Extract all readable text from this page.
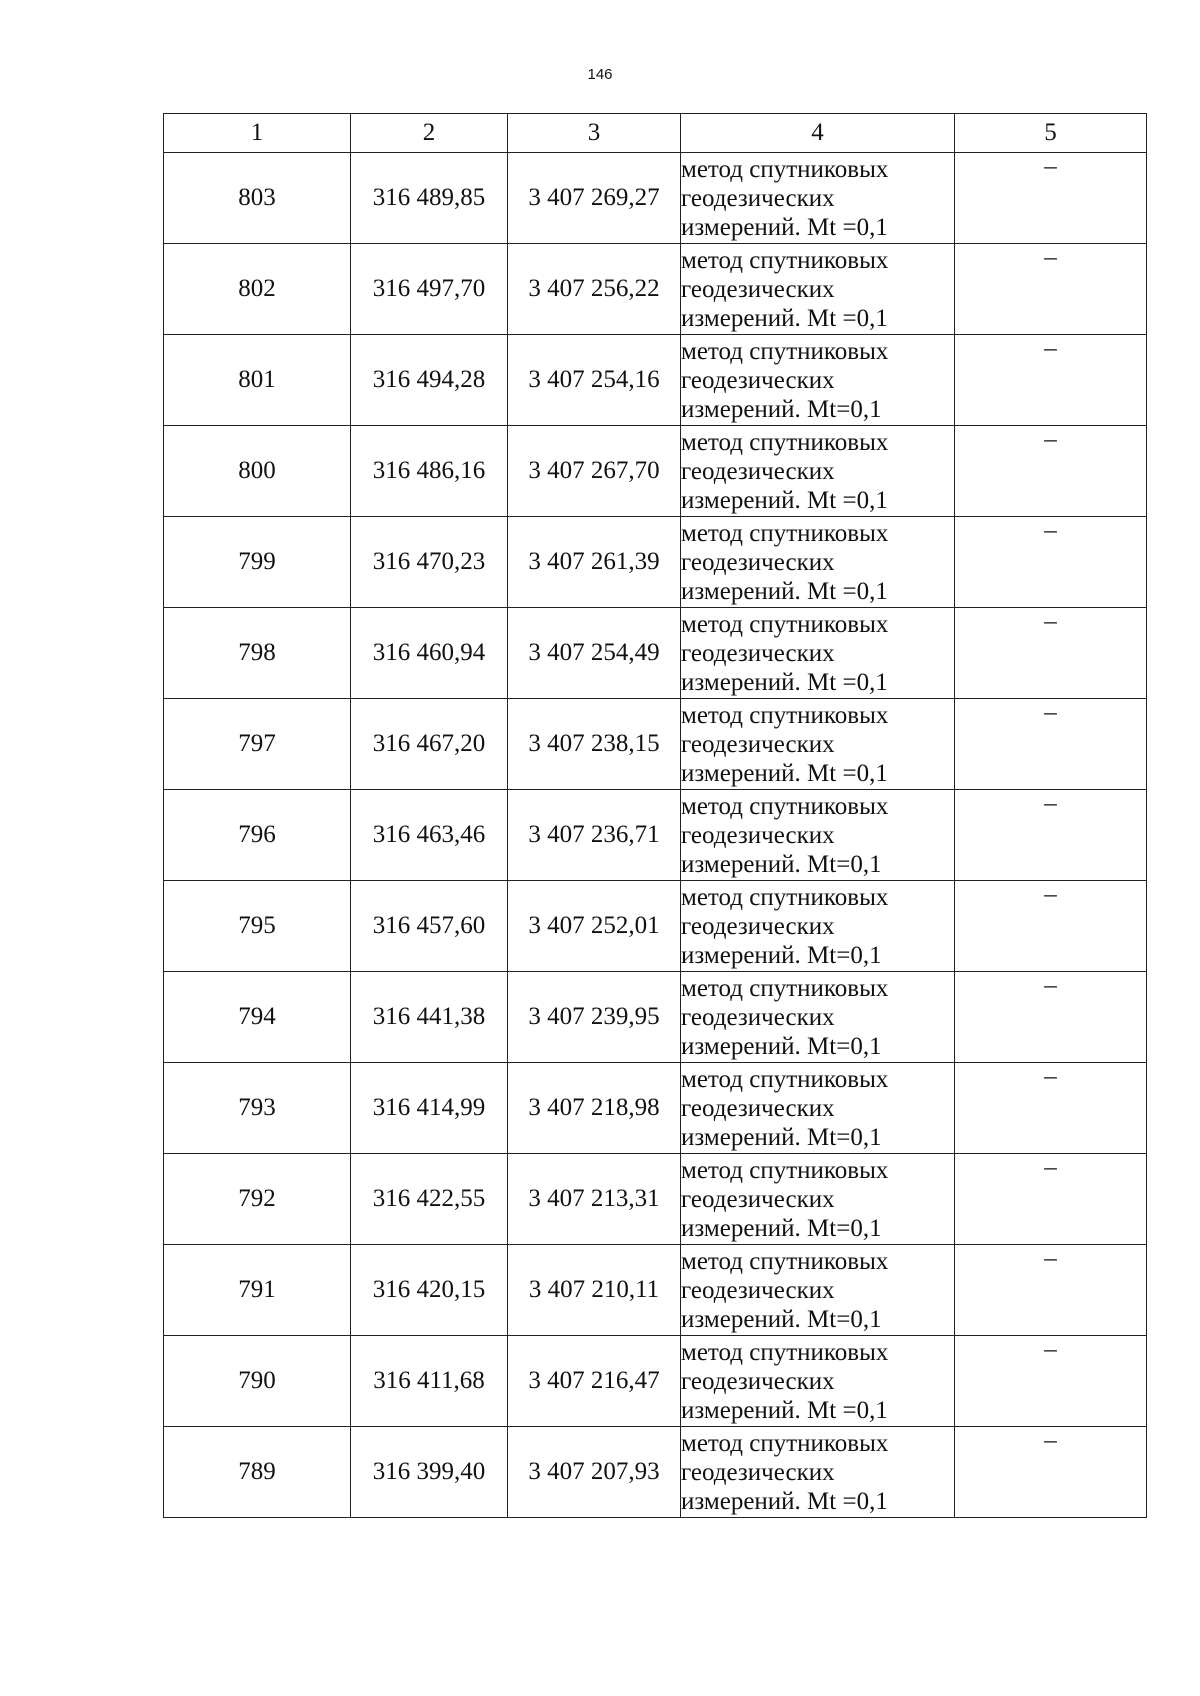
146
1	2	3	4	5
803	316 489,85	3 407 269,27	метод спутниковых
геодезических
измерений. Mt =0,1	–
802	316 497,70	3 407 256,22	метод спутниковых
геодезических
измерений. Mt =0,1	–
801	316 494,28	3 407 254,16	метод спутниковых
геодезических
измерений. Mt=0,1	–
800	316 486,16	3 407 267,70	метод спутниковых
геодезических
измерений. Mt =0,1	–
799	316 470,23	3 407 261,39	метод спутниковых
геодезических
измерений. Mt =0,1	–
798	316 460,94	3 407 254,49	метод спутниковых
геодезических
измерений. Mt =0,1	–
797	316 467,20	3 407 238,15	метод спутниковых
геодезических
измерений. Mt =0,1	–
796	316 463,46	3 407 236,71	метод спутниковых
геодезических
измерений. Mt=0,1	–
795	316 457,60	3 407 252,01	метод спутниковых
геодезических
измерений. Mt=0,1	–
794	316 441,38	3 407 239,95	метод спутниковых
геодезических
измерений. Mt=0,1	–
793	316 414,99	3 407 218,98	метод спутниковых
геодезических
измерений. Mt=0,1	–
792	316 422,55	3 407 213,31	метод спутниковых
геодезических
измерений. Mt=0,1	–
791	316 420,15	3 407 210,11	метод спутниковых
геодезических
измерений. Mt=0,1	–
790	316 411,68	3 407 216,47	метод спутниковых
геодезических
измерений. Mt =0,1	–
789	316 399,40	3 407 207,93	метод спутниковых
геодезических
измерений. Mt =0,1	–
